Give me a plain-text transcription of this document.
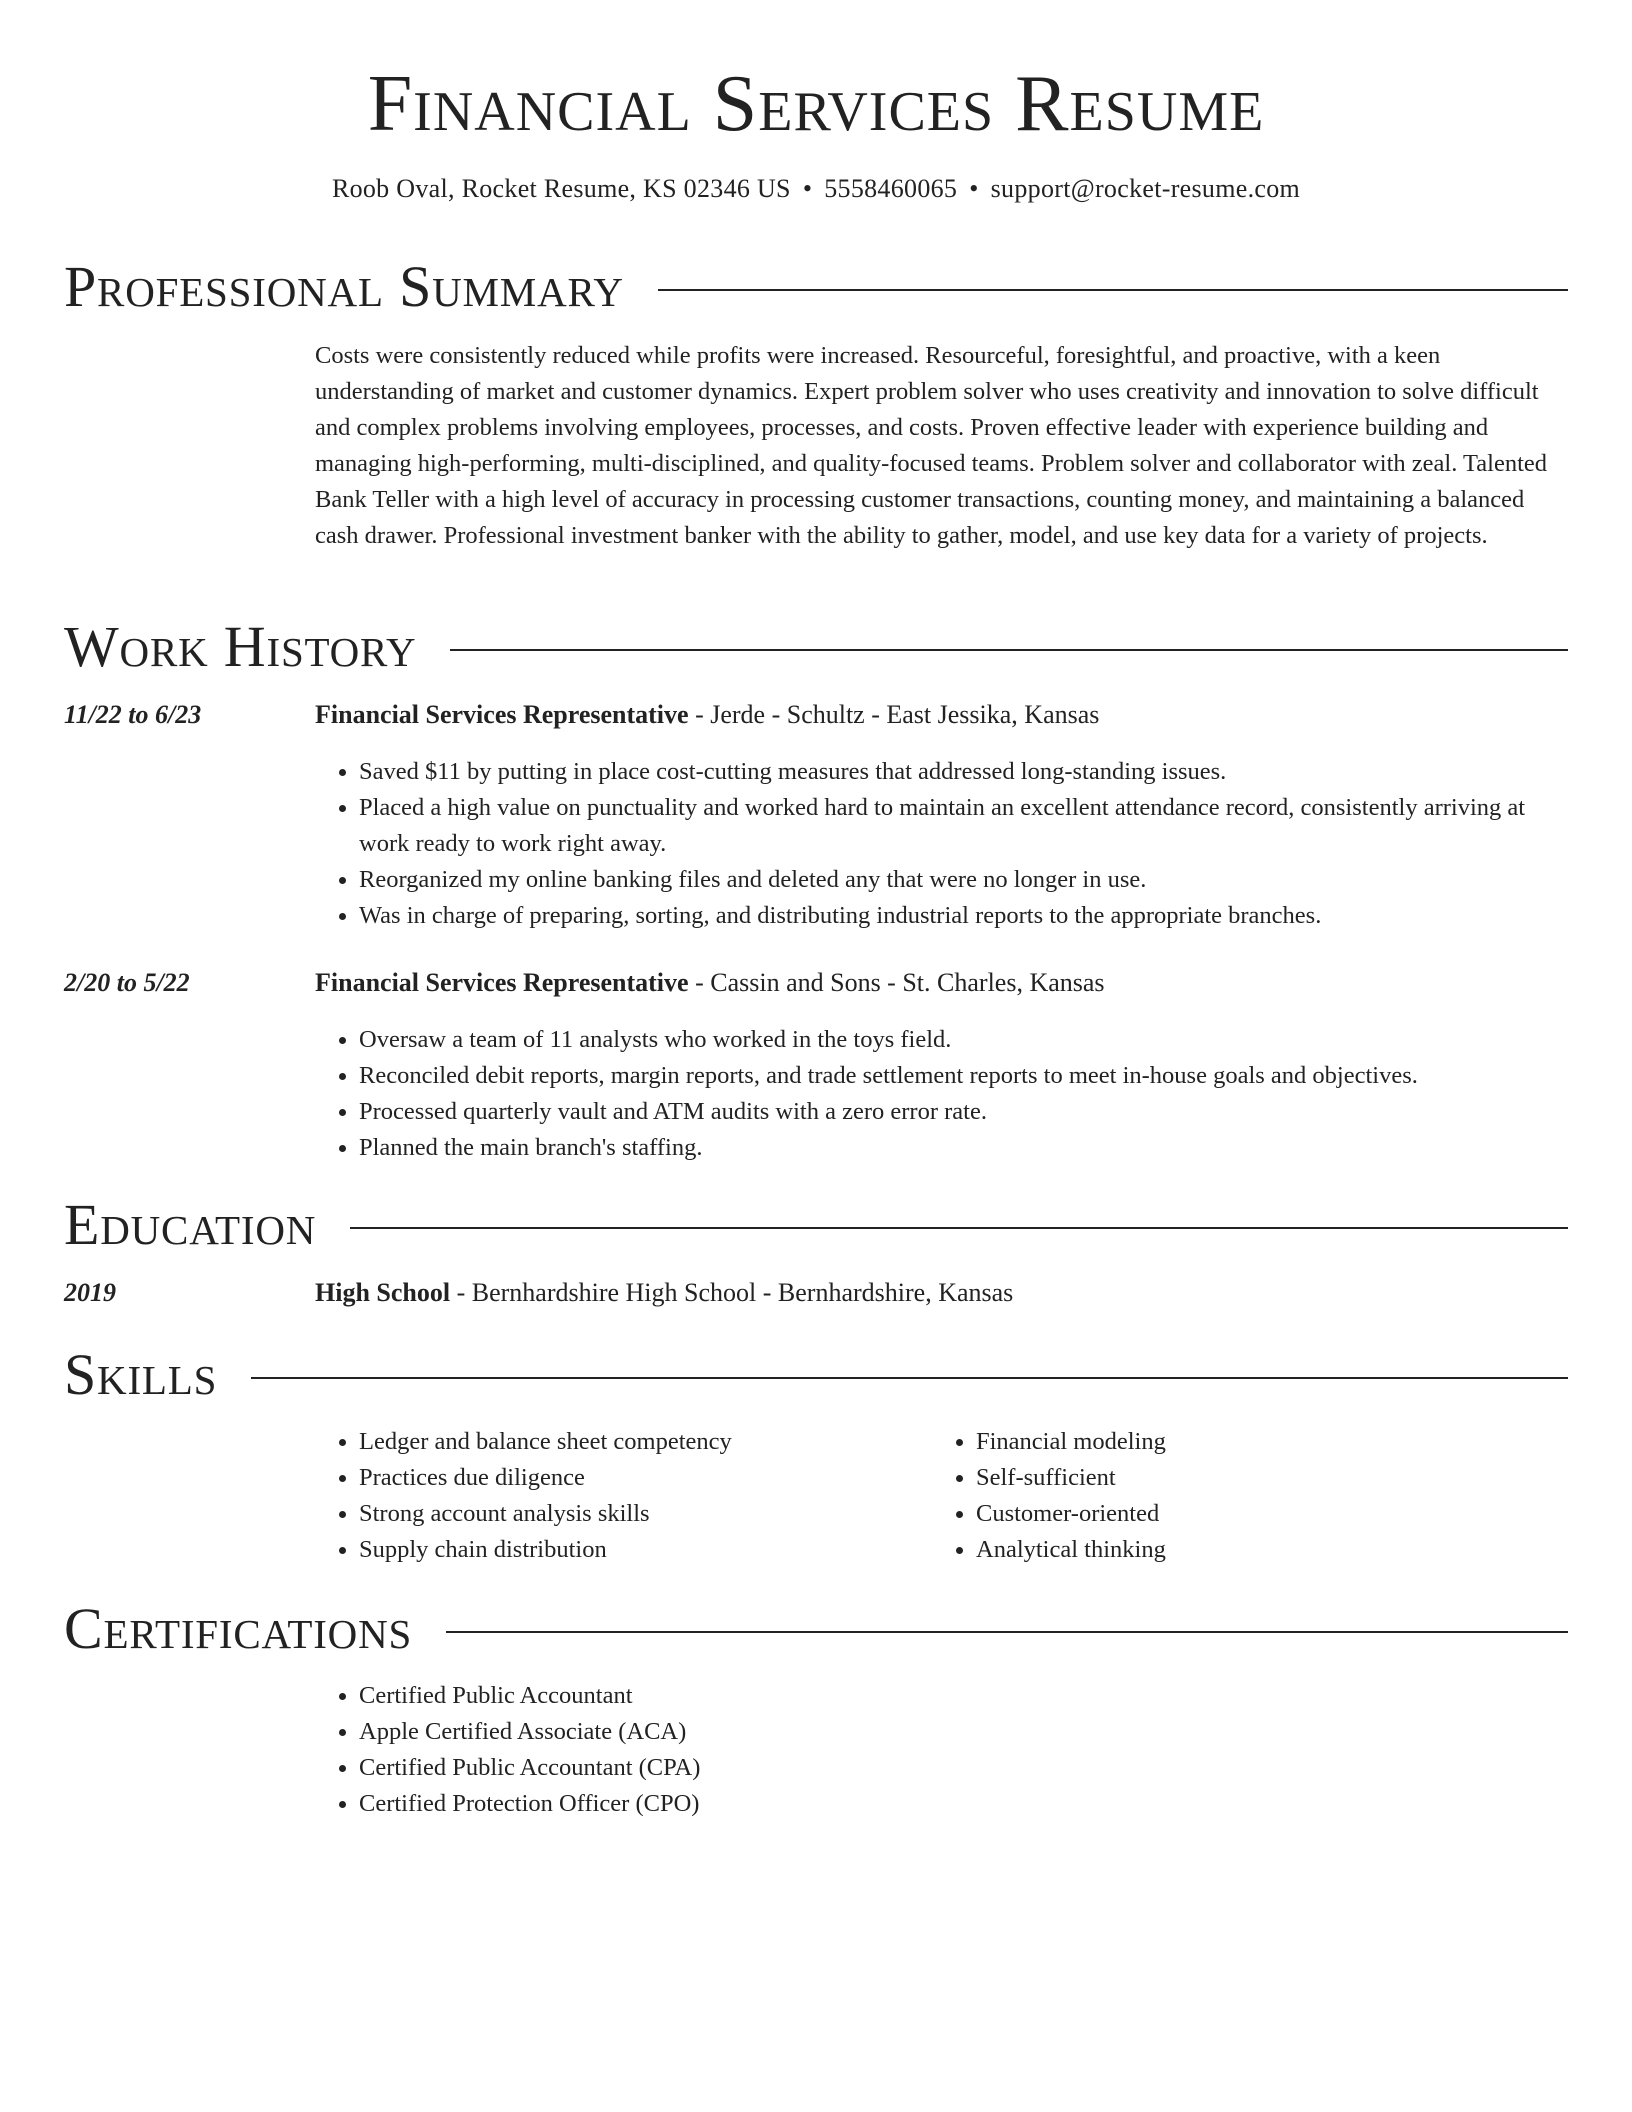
Financial Services Resume
Roob Oval, Rocket Resume, KS 02346 US • 5558460065 • support@rocket-resume.com
Professional Summary

Costs were consistently reduced while profits were increased. Resourceful, foresightful, and proactive, with a keen understanding of market and customer dynamics. Expert problem solver who uses creativity and innovation to solve difficult and complex problems involving employees, processes, and costs. Proven effective leader with experience building and managing high-performing, multi-disciplined, and quality-focused teams. Problem solver and collaborator with zeal. Talented Bank Teller with a high level of accuracy in processing customer transactions, counting money, and maintaining a balanced cash drawer. Professional investment banker with the ability to gather, model, and use key data for a variety of projects.

Work History
11/22 to 6/23	Financial Services Representative - Jerde - Schultz - East Jessika, Kansas
• Saved $11 by putting in place cost-cutting measures that addressed long-standing issues.
• Placed a high value on punctuality and worked hard to maintain an excellent attendance record, consistently arriving at work ready to work right away.
• Reorganized my online banking files and deleted any that were no longer in use.
• Was in charge of preparing, sorting, and distributing industrial reports to the appropriate branches.
2/20 to 5/22	Financial Services Representative - Cassin and Sons - St. Charles, Kansas
• Oversaw a team of 11 analysts who worked in the toys field.
• Reconciled debit reports, margin reports, and trade settlement reports to meet in-house goals and objectives.
• Processed quarterly vault and ATM audits with a zero error rate.
• Planned the main branch's staffing.
Education
2019	High School - Bernhardshire High School - Bernhardshire, Kansas
Skills
• Ledger and balance sheet competency
• Practices due diligence
• Strong account analysis skills
• Supply chain distribution
• Financial modeling
• Self-sufficient
• Customer-oriented
• Analytical thinking
Certifications
• Certified Public Accountant
• Apple Certified Associate (ACA)
• Certified Public Accountant (CPA)
• Certified Protection Officer (CPO)
